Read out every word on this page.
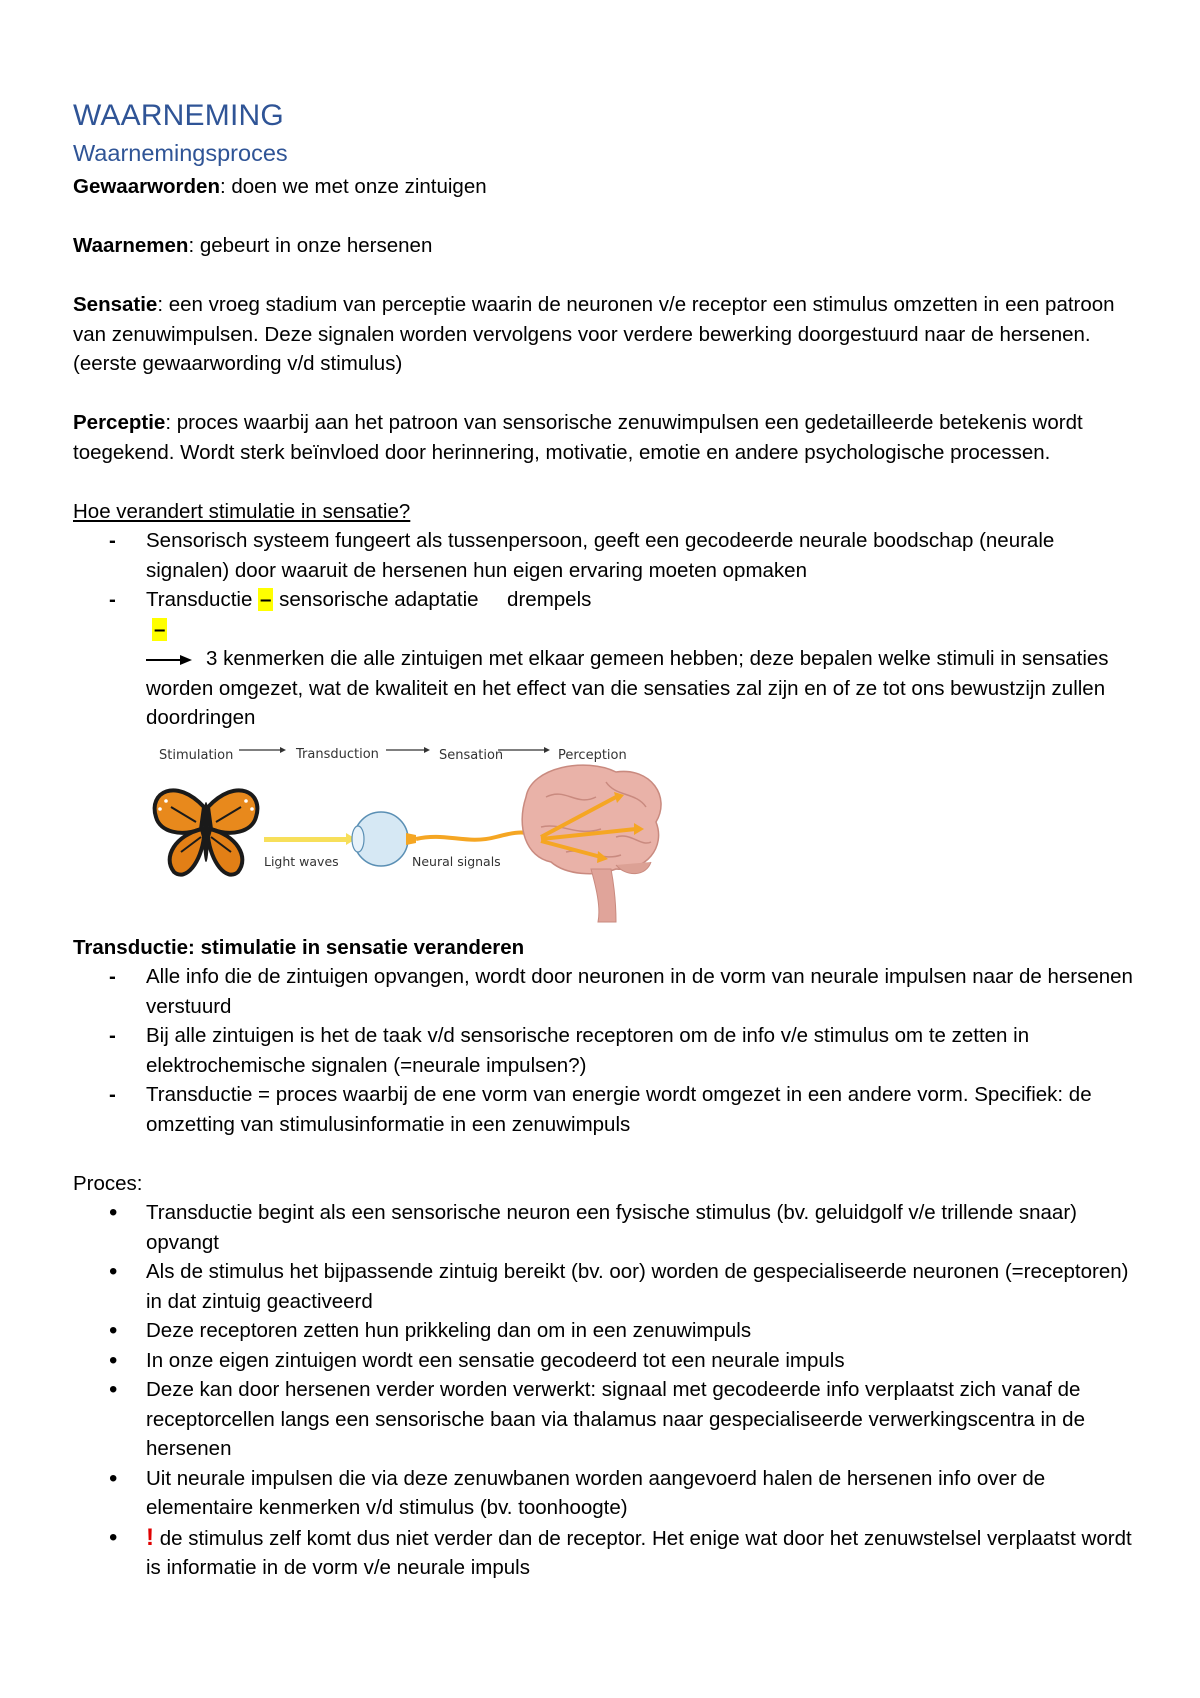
WAARNEMING
Waarnemingsproces

Gewaarworden: doen we met onze zintuigen

Waarnemen: gebeurt in onze hersenen

Sensatie: een vroeg stadium van perceptie waarin de neuronen v/e receptor een stimulus omzetten in een patroon van zenuwimpulsen. Deze signalen worden vervolgens voor verdere bewerking doorgestuurd naar de hersenen. (eerste gewaarwording v/d stimulus)

Perceptie: proces waarbij aan het patroon van sensorische zenuwimpulsen een gedetailleerde betekenis wordt toegekend. Wordt sterk beïnvloed door herinnering, motivatie, emotie en andere psychologische processen.

Hoe verandert stimulatie in sensatie?

- Sensorisch systeem fungeert als tussenpersoon, geeft een gecodeerde neurale boodschap (neurale signalen) door waaruit de hersenen hun eigen ervaring moeten opmaken
- Transductie – sensorische adaptatie     drempels
–

3 kenmerken die alle zintuigen met elkaar gemeen hebben; deze bepalen welke stimuli in sensaties worden omgezet, wat de kwaliteit en het effect van die sensaties zal zijn en of ze tot ons bewustzijn zullen doordringen

Stimulation	Transduction	Sensation	Perception
Light waves	Neural signals

Transductie: stimulatie in sensatie veranderen

- Alle info die de zintuigen opvangen, wordt door neuronen in de vorm van neurale impulsen naar de hersenen verstuurd
- Bij alle zintuigen is het de taak v/d sensorische receptoren om de info v/e stimulus om te zetten in elektrochemische signalen (=neurale impulsen?)
- Transductie = proces waarbij de ene vorm van energie wordt omgezet in een andere vorm. Specifiek: de omzetting van stimulusinformatie in een zenuwimpuls

Proces:

• Transductie begint als een sensorische neuron een fysische stimulus (bv. geluidgolf v/e trillende snaar) opvangt
• Als de stimulus het bijpassende zintuig bereikt (bv. oor) worden de gespecialiseerde neuronen (=receptoren) in dat zintuig geactiveerd
• Deze receptoren zetten hun prikkeling dan om in een zenuwimpuls
• In onze eigen zintuigen wordt een sensatie gecodeerd tot een neurale impuls
• Deze kan door hersenen verder worden verwerkt: signaal met gecodeerde info verplaatst zich vanaf de receptorcellen langs een sensorische baan via thalamus naar gespecialiseerde verwerkingscentra in de hersenen
• Uit neurale impulsen die via deze zenuwbanen worden aangevoerd halen de hersenen info over de elementaire kenmerken v/d stimulus (bv. toonhoogte)
• ! de stimulus zelf komt dus niet verder dan de receptor. Het enige wat door het zenuwstelsel verplaatst wordt is informatie in de vorm v/e neurale impuls
